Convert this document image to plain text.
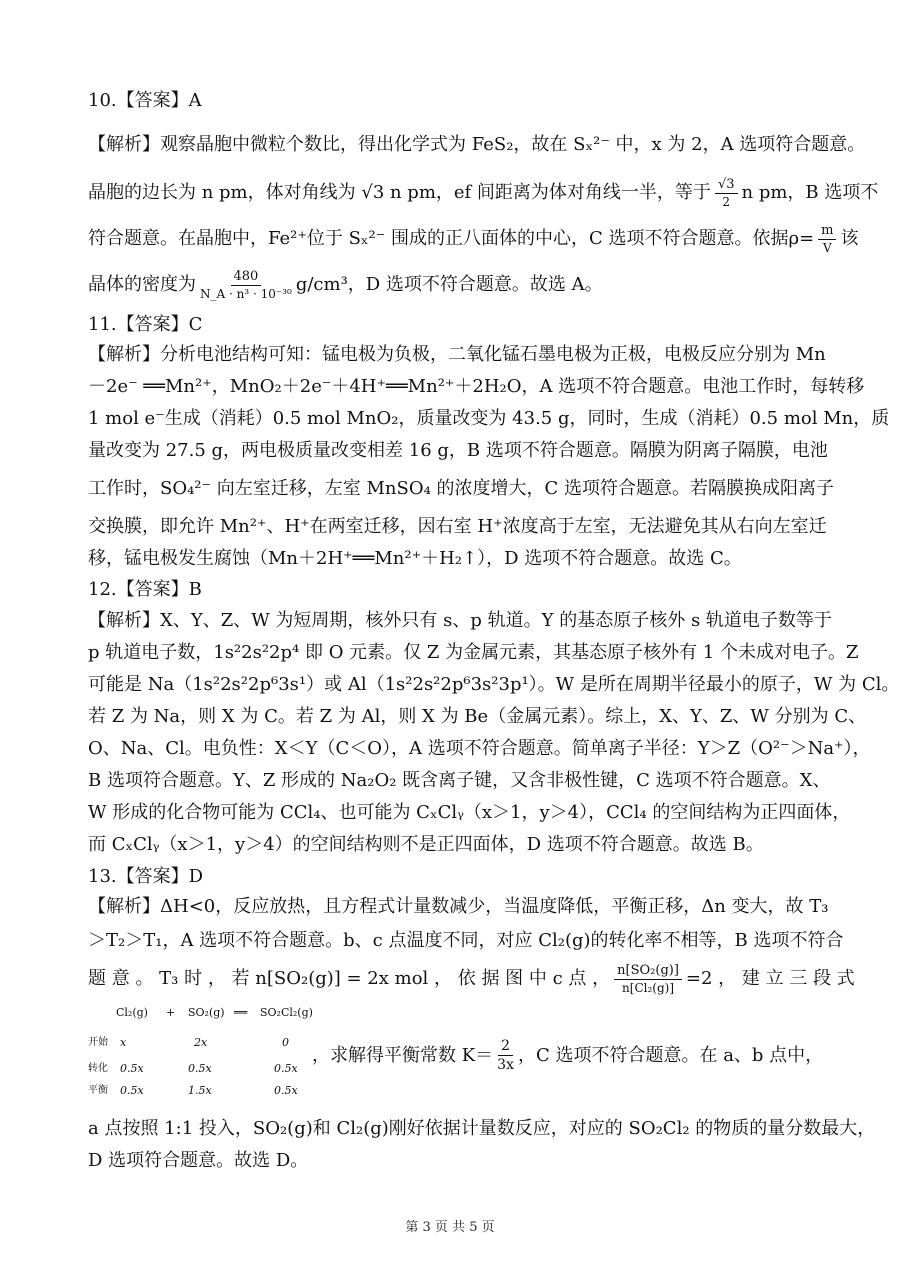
10.【答案】A
【解析】观察晶胞中微粒个数比，得出化学式为 FeS₂，故在 Sₓ²⁻ 中，x 为 2，A 选项符合题意。
晶胞的边长为 n pm，体对角线为 √3 n pm，ef 间距离为体对角线一半，等于 $\frac{√3}{2}$ n pm，B 选项不
符合题意。在晶胞中，Fe²⁺位于 Sₓ²⁻ 围成的正八面体的中心，C 选项不符合题意。依据$\rho= \frac{m}{V}$ 该
晶体的密度为 $\frac{480}{\text{N\_A · n³ · 10⁻³⁰}} g/cm^3$，D 选项不符合题意。故选 A。
11.【答案】C
【解析】分析电池结构可知：锰电极为负极，二氧化锰石墨电极为正极，电极反应分别为 Mn
－2e⁻ ══Mn²⁺，MnO₂＋2e⁻＋4H⁺══Mn²⁺＋2H₂O，A 选项不符合题意。电池工作时，每转移
1 mol e⁻生成（消耗）0.5 mol MnO₂，质量改变为 43.5 g，同时，生成（消耗）0.5 mol Mn，质
量改变为 27.5 g，两电极质量改变相差 16 g，B 选项不符合题意。隔膜为阴离子隔膜，电池
工作时，SO₄²⁻ 向左室迁移，左室 MnSO₄ 的浓度增大，C 选项符合题意。若隔膜换成阳离子
交换膜，即允许 Mn²⁺、H⁺在两室迁移，因右室 H⁺浓度高于左室，无法避免其从右向左室迁
移，锰电极发生腐蚀（Mn＋2H⁺══Mn²⁺＋H₂↑），D 选项不符合题意。故选 C。
12.【答案】B
【解析】X、Y、Z、W 为短周期，核外只有 s、p 轨道。Y 的基态原子核外 s 轨道电子数等于
p 轨道电子数，1s²2s²2p⁴ 即 O 元素。仅 Z 为金属元素，其基态原子核外有 1 个未成对电子。Z
可能是 Na（1s²2s²2p⁶3s¹）或 Al（1s²2s²2p⁶3s²3p¹）。W 是所在周期半径最小的原子，W 为 Cl。
若 Z 为 Na，则 X 为 C。若 Z 为 Al，则 X 为 Be（金属元素）。综上，X、Y、Z、W 分别为 C、
O、Na、Cl。电负性：X＜Y（C＜O），A 选项不符合题意。简单离子半径：Y＞Z（O²⁻＞Na⁺），
B 选项符合题意。Y、Z 形成的 Na₂O₂ 既含离子键，又含非极性键，C 选项不符合题意。X、
W 形成的化合物可能为 CCl₄、也可能为 CₓClᵧ（x＞1，y＞4），CCl₄ 的空间结构为正四面体，
而 CₓClᵧ（x＞1，y＞4）的空间结构则不是正四面体，D 选项不符合题意。故选 B。
13.【答案】D
【解析】ΔH<0，反应放热，且方程式计量数减少，当温度降低，平衡正移，Δn 变大，故 T₃
＞T₂＞T₁，A 选项不符合题意。b、c 点温度不同，对应 Cl₂(g)的转化率不相等，B 选项不符合
题 意 。 T₃ 时 ， 若 n[SO₂(g)] = 2x mol ， 依 据 图 中 c 点 ， $\frac{\text{n[SO₂(g)]}}{\text{n[Cl₂(g)]}} =2$ ， 建 立 三 段 式
Cl₂(g) + SO₂(g) ══ SO₂Cl₂(g)
开始 x	2x	0
转化 0.5x	0.5x	0.5x
平衡 0.5x	1.5x	0.5x
，求解得平衡常数 $K= \frac{2}{3x}$ ，C 选项不符合题意。在 a、b 点中，
a 点按照 1:1 投入，SO₂(g)和 Cl₂(g)刚好依据计量数反应，对应的 SO₂Cl₂ 的物质的量分数最大，
D 选项符合题意。故选 D。
第 3 页 共 5 页
